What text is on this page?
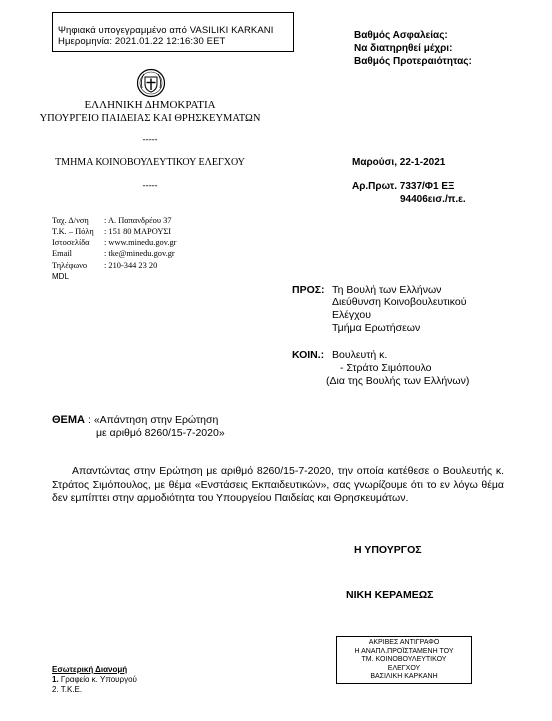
Ψηφιακά υπογεγραμμένο από VASILIKI KARKANI
Ημερομηνία: 2021.01.22 12:16:30 EET
Βαθμός Ασφαλείας:
Να διατηρηθεί μέχρι:
Βαθμός Προτεραιότητας:
ΕΛΛΗΝΙΚΗ ΔΗΜΟΚΡΑΤΙΑ
ΥΠΟΥΡΓΕΙΟ ΠΑΙΔΕΙΑΣ ΚΑΙ ΘΡΗΣΚΕΥΜΑΤΩΝ
-----
ΤΜΗΜΑ ΚΟΙΝΟΒΟΥΛΕΥΤΙΚΟΥ ΕΛΕΓΧΟΥ
-----
Μαρούσι, 22-1-2021
Αρ.Πρωτ. 7337/Φ1 ΕΞ
94406εισ./π.ε.
Ταχ. Δ/νση : Α. Παπανδρέου 37
Τ.Κ. – Πόλη : 151 80 ΜΑΡΟΥΣΙ
Ιστοσελίδα : www.minedu.gov.gr
Email	: tke@minedu.gov.gr
Τηλέφωνο : 210-344 23 20
MDL
ΠΡΟΣ: Τη Βουλή των Ελλήνων
Διεύθυνση Κοινοβουλευτικού
Ελέγχου
Τμήμα Ερωτήσεων
ΚΟΙΝ.: Βουλευτή κ.
- Στράτο Σιμόπουλο
(Δια της Βουλής των Ελλήνων)
ΘΕΜΑ : «Απάντηση στην Ερώτηση
με αριθμό 8260/15-7-2020»
Απαντώντας στην Ερώτηση με αριθμό 8260/15-7-2020, την οποία κατέθεσε ο Βουλευτής κ. Στράτος Σιμόπουλος, με θέμα «Ενστάσεις Εκπαιδευτικών», σας γνωρίζουμε ότι το εν λόγω θέμα δεν εμπίπτει στην αρμοδιότητα του Υπουργείου Παιδείας και Θρησκευμάτων.
Η ΥΠΟΥΡΓΟΣ
ΝΙΚΗ ΚΕΡΑΜΕΩΣ
ΑΚΡΙΒΕΣ ΑΝΤΙΓΡΑΦΟ
Η ΑΝΑΠΛ.ΠΡΟΪΣΤΑΜΕΝΗ ΤΟΥ
ΤΜ. ΚΟΙΝΟΒΟΥΛΕΥΤΙΚΟΥ
ΕΛΕΓΧΟΥ
ΒΑΣΙΛΙΚΗ ΚΑΡΚΑΝΗ
Εσωτερική Διανομή
1. Γραφείο κ. Υπουργού
2. Τ.Κ.Ε.
